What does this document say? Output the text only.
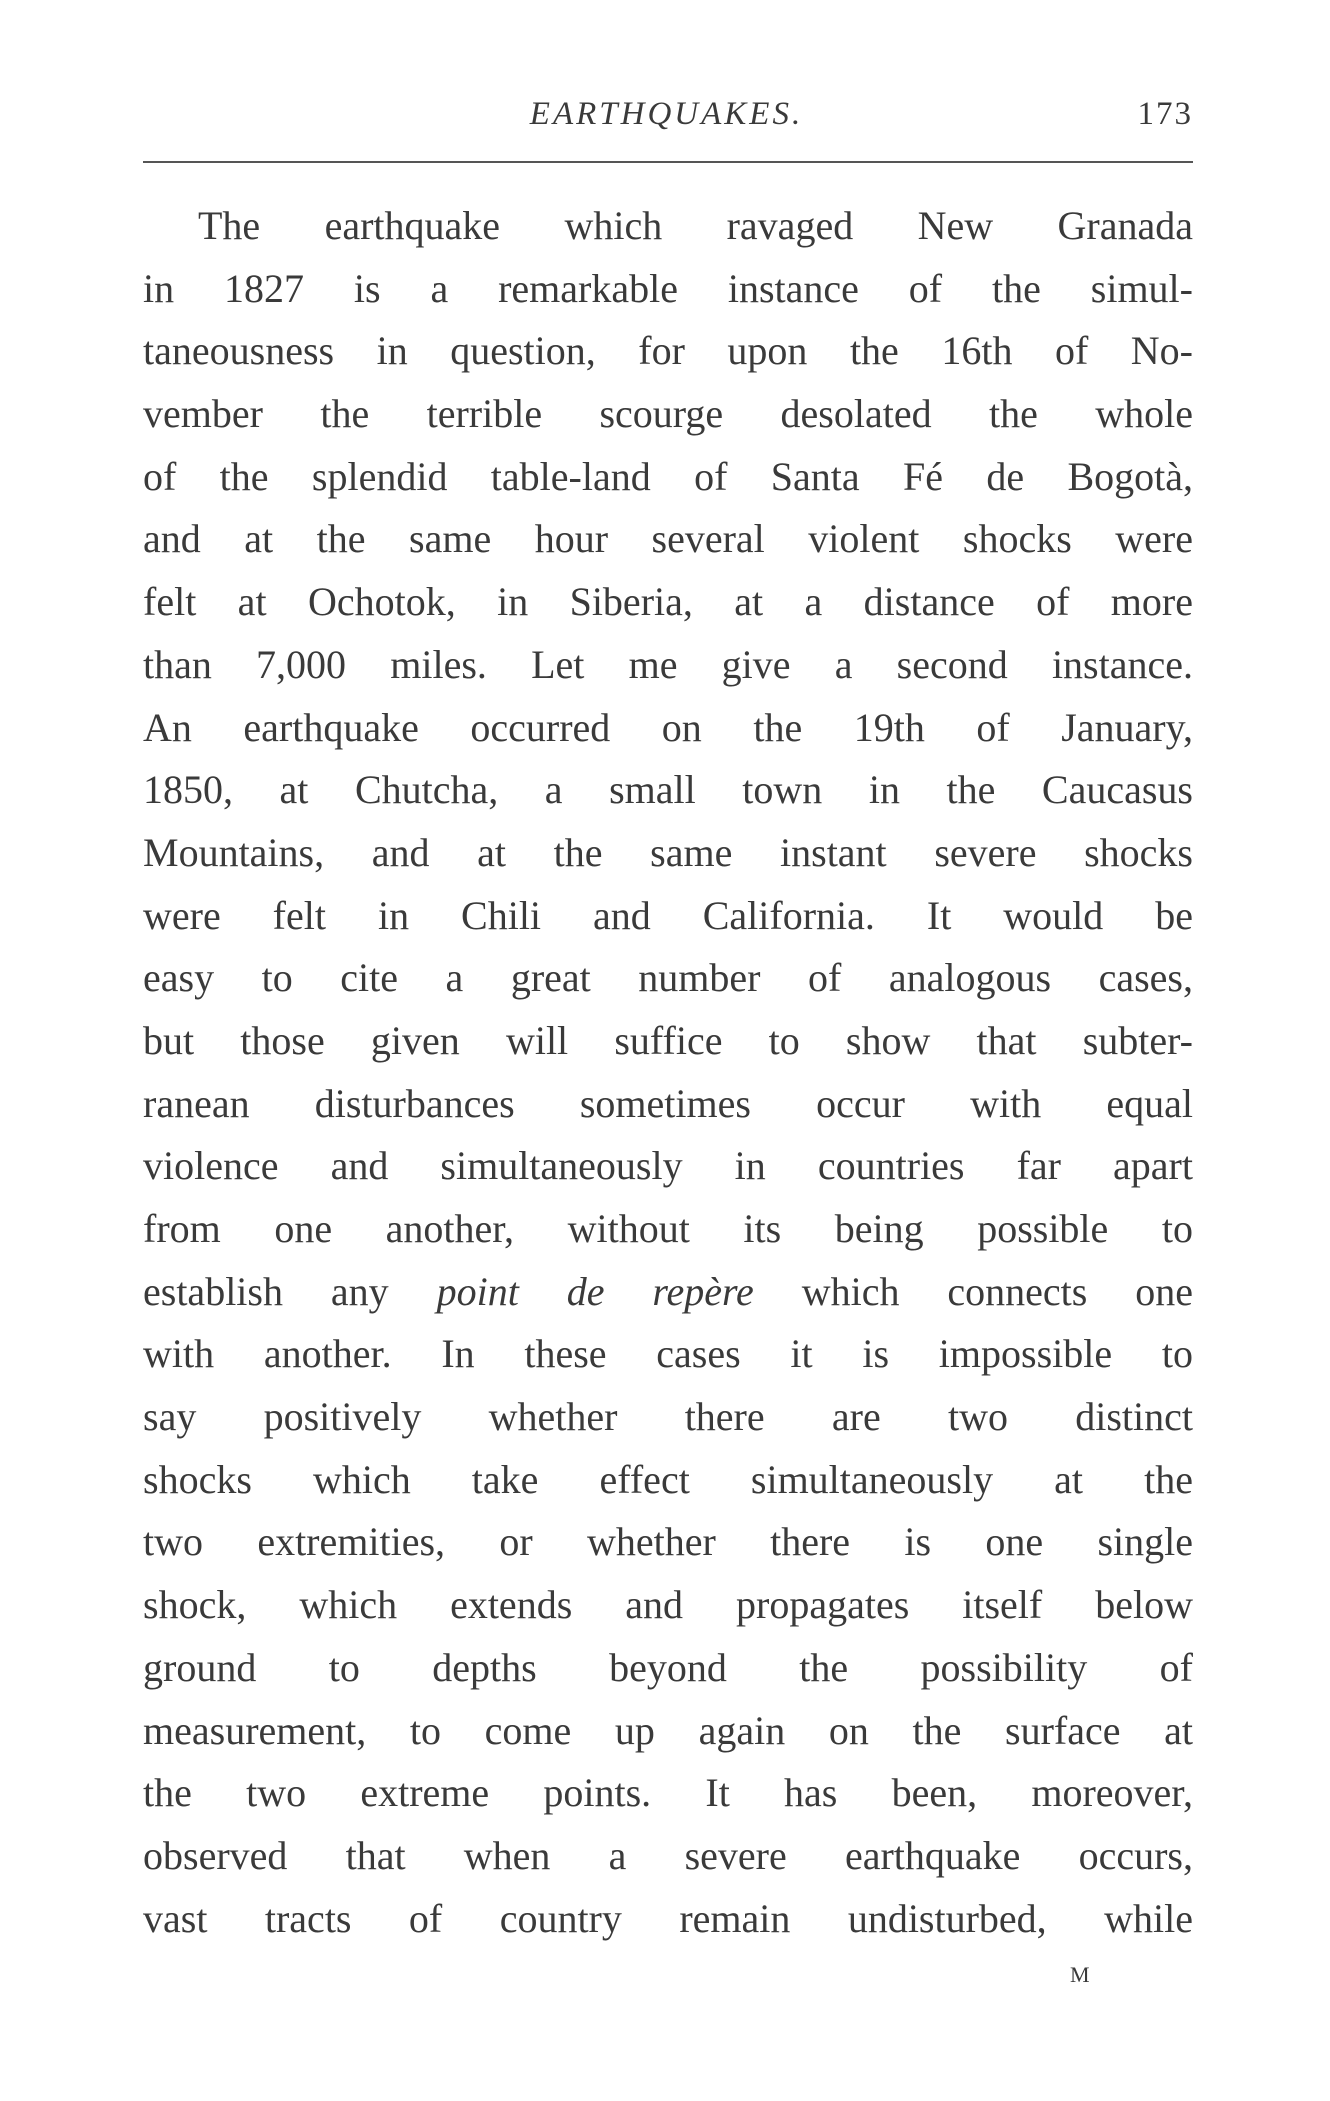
EARTHQUAKES.	173
The earthquake which ravaged New Granada
in 1827 is a remarkable instance of the simul-
taneousness in question, for upon the 16th of No-
vember the terrible scourge desolated the whole
of the splendid table-land of Santa Fé de Bogotà,
and at the same hour several violent shocks were
felt at Ochotok, in Siberia, at a distance of more
than 7,000 miles. Let me give a second instance.
An earthquake occurred on the 19th of January,
1850, at Chutcha, a small town in the Caucasus
Mountains, and at the same instant severe shocks
were felt in Chili and California. It would be
easy to cite a great number of analogous cases,
but those given will suffice to show that subter-
ranean disturbances sometimes occur with equal
violence and simultaneously in countries far apart
from one another, without its being possible to
establish any point de repère which connects one
with another. In these cases it is impossible to
say positively whether there are two distinct
shocks which take effect simultaneously at the
two extremities, or whether there is one single
shock, which extends and propagates itself below
ground to depths beyond the possibility of
measurement, to come up again on the surface at
the two extreme points. It has been, moreover,
observed that when a severe earthquake occurs,
vast tracts of country remain undisturbed, while
M
